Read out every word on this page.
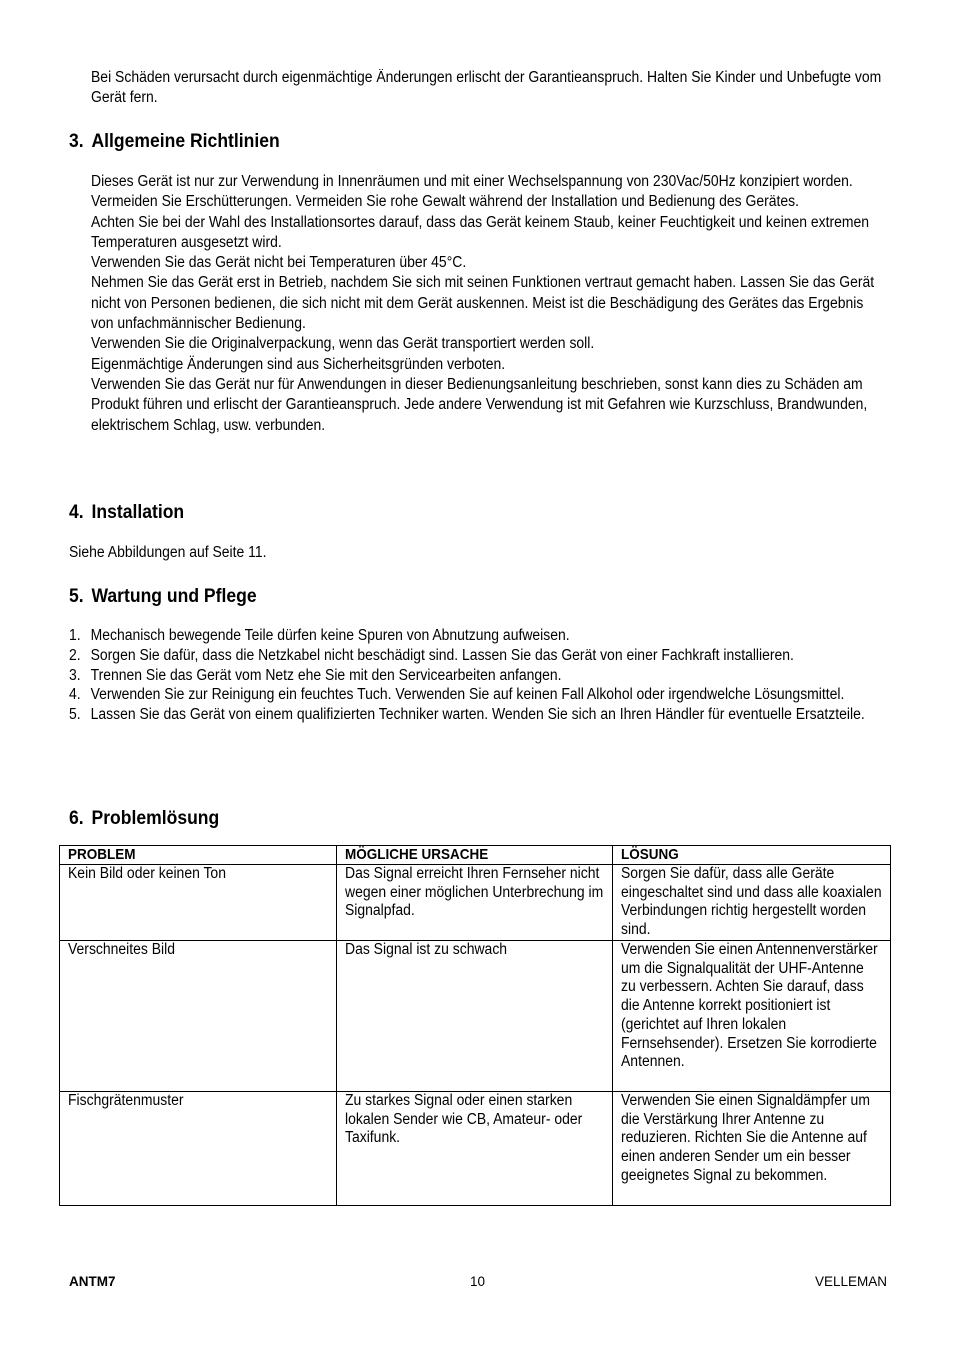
Bei Schäden verursacht durch eigenmächtige Änderungen erlischt der Garantieanspruch. Halten Sie Kinder und Unbefugte vom Gerät fern.

3. Allgemeine Richtlinien

Dieses Gerät ist nur zur Verwendung in Innenräumen und mit einer Wechselspannung von 230Vac/50Hz konzipiert worden.

Vermeiden Sie Erschütterungen. Vermeiden Sie rohe Gewalt während der Installation und Bedienung des Gerätes.

Achten Sie bei der Wahl des Installationsortes darauf, dass das Gerät keinem Staub, keiner Feuchtigkeit und keinen extremen Temperaturen ausgesetzt wird.

Verwenden Sie das Gerät nicht bei Temperaturen über 45°C.

Nehmen Sie das Gerät erst in Betrieb, nachdem Sie sich mit seinen Funktionen vertraut gemacht haben. Lassen Sie das Gerät nicht von Personen bedienen, die sich nicht mit dem Gerät auskennen. Meist ist die Beschädigung des Gerätes das Ergebnis von unfachmännischer Bedienung.

Verwenden Sie die Originalverpackung, wenn das Gerät transportiert werden soll.

Eigenmächtige Änderungen sind aus Sicherheitsgründen verboten.

Verwenden Sie das Gerät nur für Anwendungen in dieser Bedienungsanleitung beschrieben, sonst kann dies zu Schäden am Produkt führen und erlischt der Garantieanspruch. Jede andere Verwendung ist mit Gefahren wie Kurzschluss, Brandwunden, elektrischem Schlag, usw. verbunden.

4. Installation

Siehe Abbildungen auf Seite 11.

5. Wartung und Pflege
1. Mechanisch bewegende Teile dürfen keine Spuren von Abnutzung aufweisen.
2. Sorgen Sie dafür, dass die Netzkabel nicht beschädigt sind. Lassen Sie das Gerät von einer Fachkraft installieren.
3. Trennen Sie das Gerät vom Netz ehe Sie mit den Servicearbeiten anfangen.
4. Verwenden Sie zur Reinigung ein feuchtes Tuch. Verwenden Sie auf keinen Fall Alkohol oder irgendwelche Lösungsmittel.
5. Lassen Sie das Gerät von einem qualifizierten Techniker warten. Wenden Sie sich an Ihren Händler für eventuelle Ersatzteile.
6. Problemlösung
PROBLEM	MÖGLICHE URSACHE	LÖSUNG

Kein Bild oder keinen Ton	Das Signal erreicht Ihren Fernseher nicht wegen einer möglichen Unterbrechung im Signalpfad.	Sorgen Sie dafür, dass alle Geräte eingeschaltet sind und dass alle koaxialen Verbindungen richtig hergestellt worden sind.

Verschneites Bild	Das Signal ist zu schwach	Verwenden Sie einen Antennenverstärker um die Signalqualität der UHF-Antenne zu verbessern. Achten Sie darauf, dass die Antenne korrekt positioniert ist (gerichtet auf Ihren lokalen Fernsehsender). Ersetzen Sie korrodierte Antennen.

Fischgrätenmuster	Zu starkes Signal oder einen starken lokalen Sender wie CB, Amateur- oder Taxifunk.	Verwenden Sie einen Signaldämpfer um die Verstärkung Ihrer Antenne zu reduzieren. Richten Sie die Antenne auf einen anderen Sender um ein besser geeignetes Signal zu bekommen.
ANTM7	10	VELLEMAN
